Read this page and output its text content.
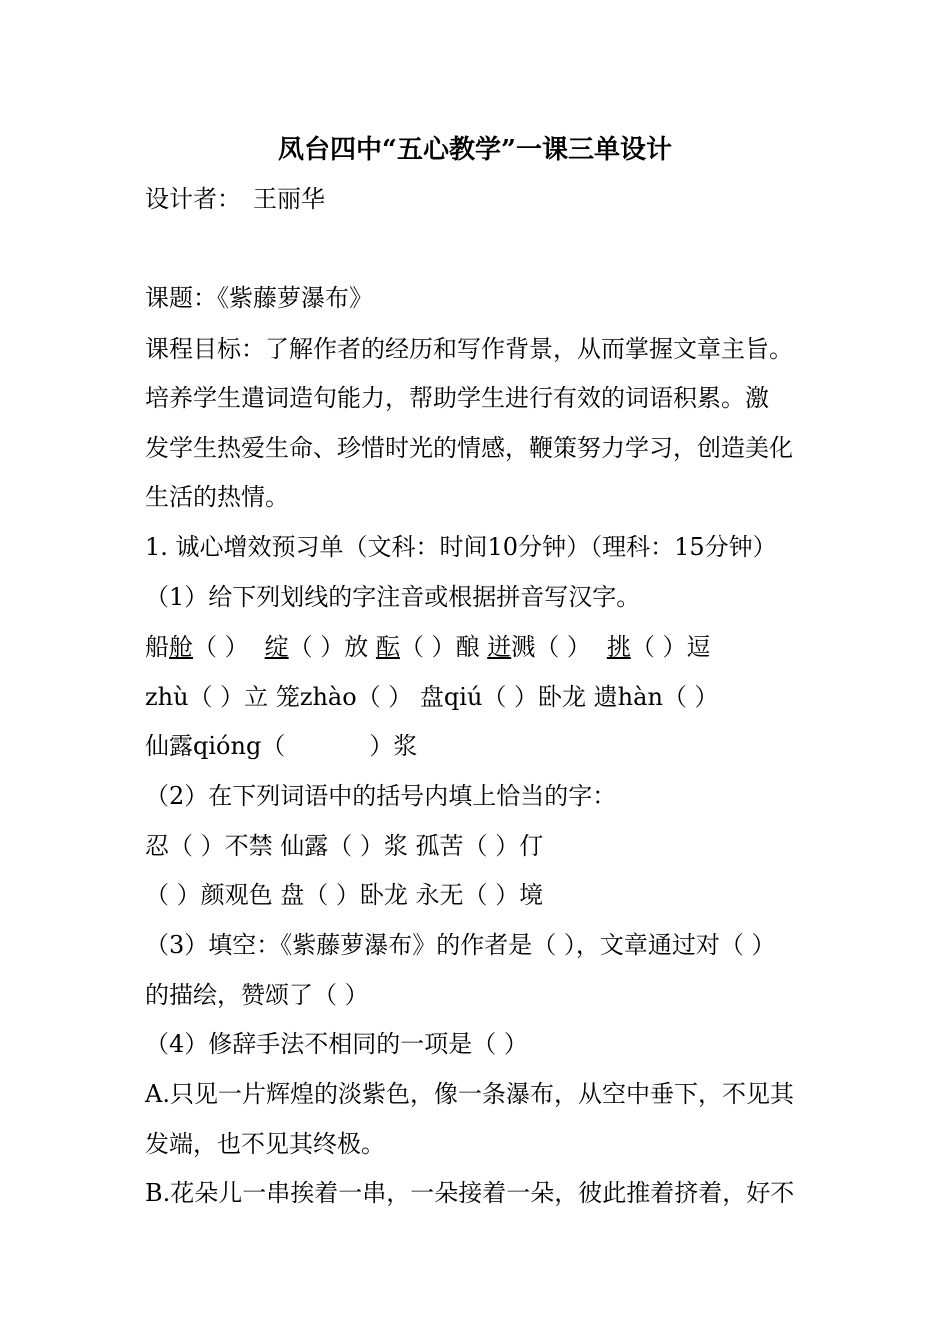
凤台四中“五心教学”一课三单设计
设计者： 王丽华
课题：《紫藤萝瀑布》
课程目标：了解作者的经历和写作背景，从而掌握文章主旨。
培养学生遣词造句能力，帮助学生进行有效的词语积累。激
发学生热爱生命、珍惜时光的情感，鞭策努力学习，创造美化
生活的热情。
1. 诚心增效预习单（文科：时间10分钟）（理科：15分钟）
（1）给下列划线的字注音或根据拼音写汉字。
船舱（ ） 绽（ ）放 酝（ ）酿 迸溅（ ） 挑（ ）逗
zhù（ ）立 笼zhào（ ） 盘qiú（ ）卧龙 遗hàn（ ）
仙露qióng（	）浆
（2）在下列词语中的括号内填上恰当的字：
忍（ ）不禁 仙露（ ）浆 孤苦（ ）仃
（ ）颜观色 盘（ ）卧龙 永无（ ）境
（3）填空：《紫藤萝瀑布》的作者是（ ），文章通过对（ ）
的描绘，赞颂了（ ）
（4）修辞手法不相同的一项是（ ）
A.只见一片辉煌的淡紫色，像一条瀑布，从空中垂下，不见其
发端，也不见其终极。
B.花朵儿一串挨着一串，一朵接着一朵，彼此推着挤着，好不
